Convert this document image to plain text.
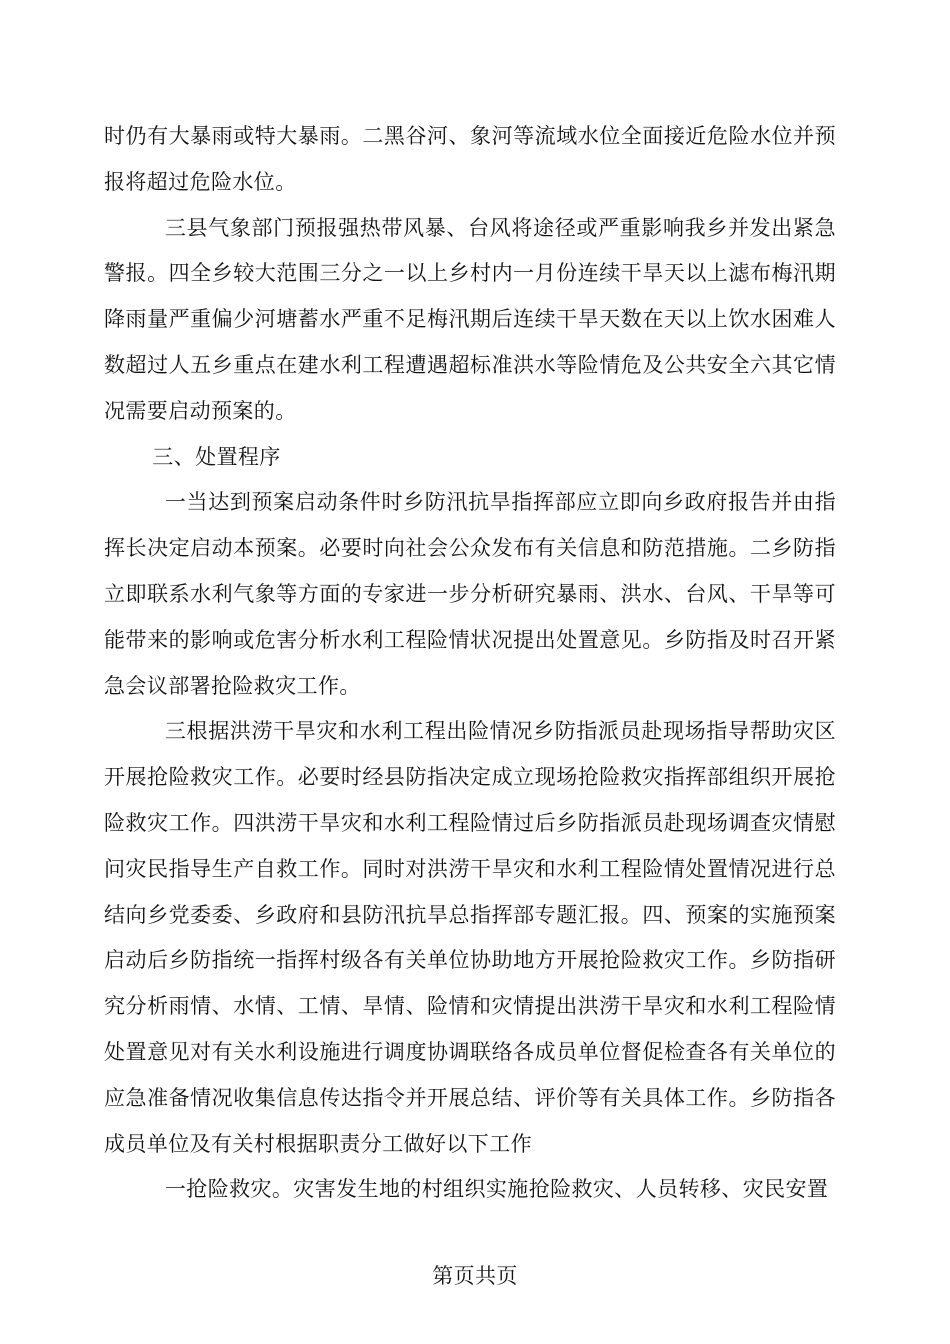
时仍有大暴雨或特大暴雨。二黑谷河、象河等流域水位全面接近危险水位并预报将超过危险水位。

三县气象部门预报强热带风暴、台风将途径或严重影响我乡并发出紧急警报。四全乡较大范围三分之一以上乡村内一月份连续干旱天以上滤布梅汛期降雨量严重偏少河塘蓄水严重不足梅汛期后连续干旱天数在天以上饮水困难人数超过人五乡重点在建水利工程遭遇超标准洪水等险情危及公共安全六其它情况需要启动预案的。

三、处置程序

一当达到预案启动条件时乡防汛抗旱指挥部应立即向乡政府报告并由指挥长决定启动本预案。必要时向社会公众发布有关信息和防范措施。二乡防指立即联系水利气象等方面的专家进一步分析研究暴雨、洪水、台风、干旱等可能带来的影响或危害分析水利工程险情状况提出处置意见。乡防指及时召开紧急会议部署抢险救灾工作。

三根据洪涝干旱灾和水利工程出险情况乡防指派员赴现场指导帮助灾区开展抢险救灾工作。必要时经县防指决定成立现场抢险救灾指挥部组织开展抢险救灾工作。四洪涝干旱灾和水利工程险情过后乡防指派员赴现场调查灾情慰问灾民指导生产自救工作。同时对洪涝干旱灾和水利工程险情处置情况进行总结向乡党委委、乡政府和县防汛抗旱总指挥部专题汇报。四、预案的实施预案启动后乡防指统一指挥村级各有关单位协助地方开展抢险救灾工作。乡防指研究分析雨情、水情、工情、旱情、险情和灾情提出洪涝干旱灾和水利工程险情处置意见对有关水利设施进行调度协调联络各成员单位督促检查各有关单位的应急准备情况收集信息传达指令并开展总结、评价等有关具体工作。乡防指各成员单位及有关村根据职责分工做好以下工作

一抢险救灾。灾害发生地的村组织实施抢险救灾、人员转移、灾民安置

第页共页
